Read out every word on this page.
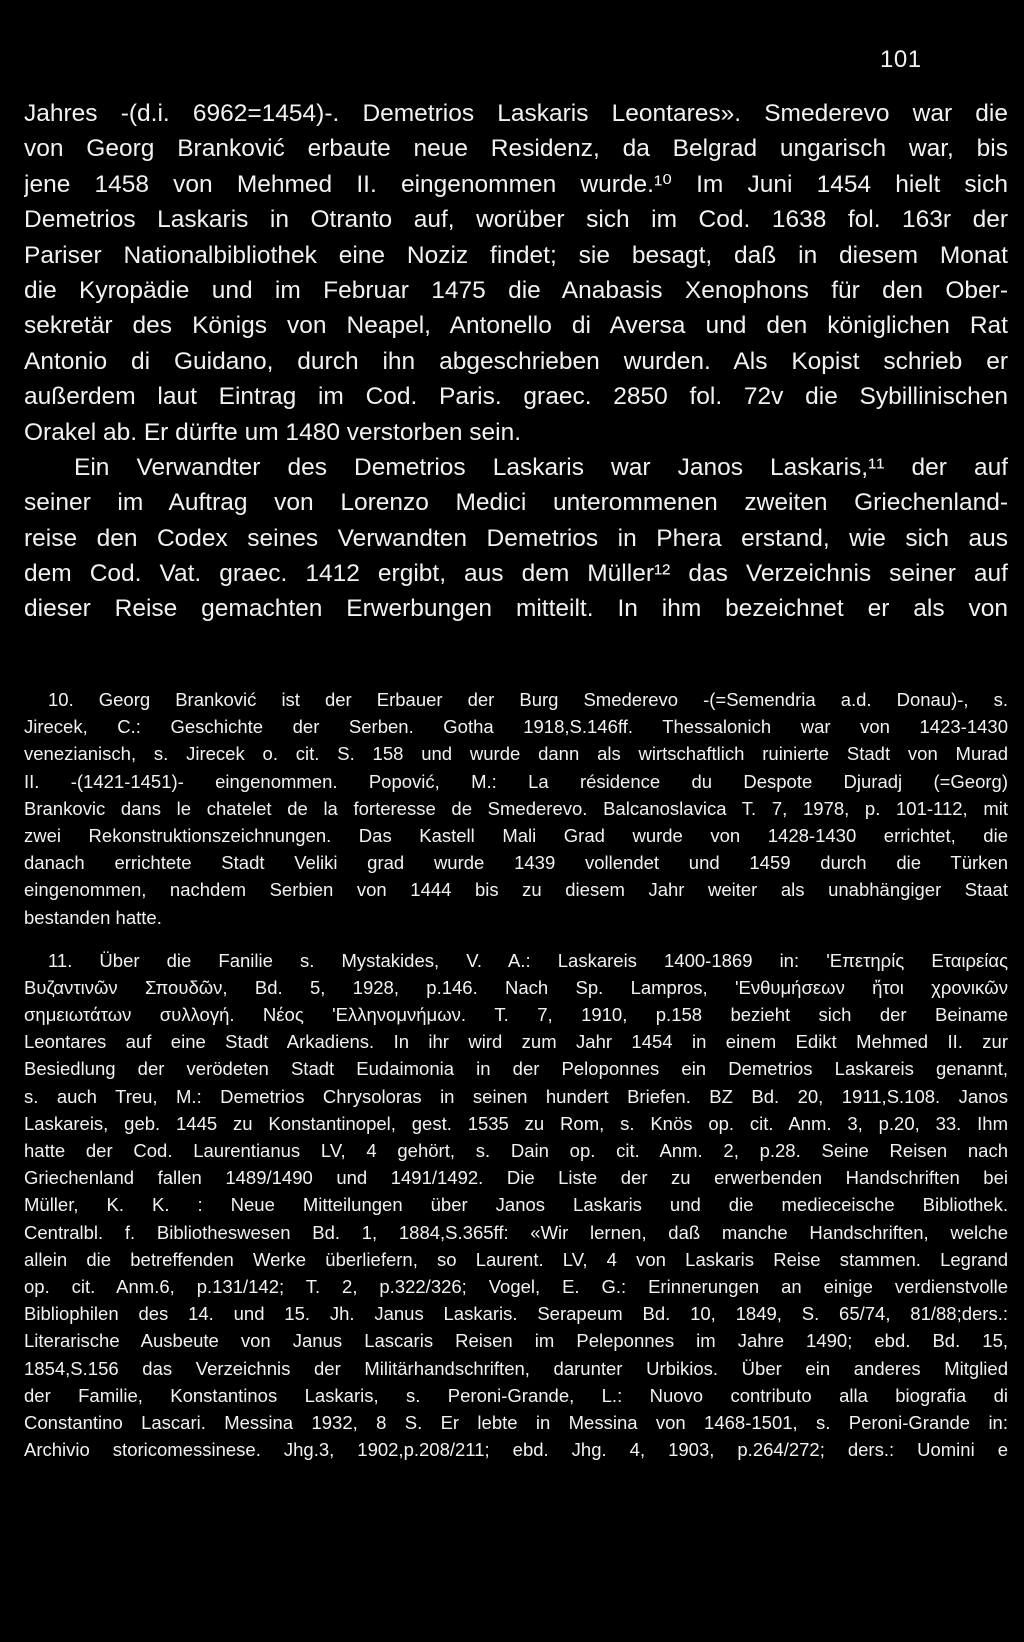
101
Jahres -(d.i. 6962=1454)-. Demetrios Laskaris Leontares». Smederevo war die
von Georg Branković erbaute neue Residenz, da Belgrad ungarisch war, bis
jene 1458 von Mehmed II. eingenommen wurde.¹⁰ Im Juni 1454 hielt sich
Demetrios Laskaris in Otranto auf, worüber sich im Cod. 1638 fol. 163r der
Pariser Nationalbibliothek eine Noziz findet; sie besagt, daß in diesem Monat
die Kyropädie und im Februar 1475 die Anabasis Xenophons für den Ober-
sekretär des Königs von Neapel, Antonello di Aversa und den königlichen Rat
Antonio di Guidano, durch ihn abgeschrieben wurden. Als Kopist schrieb er
außerdem laut Eintrag im Cod. Paris. graec. 2850 fol. 72v die Sybillinischen
Orakel ab. Er dürfte um 1480 verstorben sein.
Ein Verwandter des Demetrios Laskaris war Janos Laskaris,¹¹ der auf
seiner im Auftrag von Lorenzo Medici unterommenen zweiten Griechenland-
reise den Codex seines Verwandten Demetrios in Phera erstand, wie sich aus
dem Cod. Vat. graec. 1412 ergibt, aus dem Müller¹² das Verzeichnis seiner auf
dieser Reise gemachten Erwerbungen mitteilt. In ihm bezeichnet er als von
10. Georg Branković ist der Erbauer der Burg Smederevo -(=Semendria a.d. Donau)-, s.
Jirecek, C.: Geschichte der Serben. Gotha 1918,S.146ff. Thessalonich war von 1423-1430
venezianisch, s. Jirecek o. cit. S. 158 und wurde dann als wirtschaftlich ruinierte Stadt von Murad
II. -(1421-1451)- eingenommen. Popović, M.: La résidence du Despote Djuradj (=Georg)
Brankovic dans le chatelet de la forteresse de Smederevo. Balcanoslavica T. 7, 1978, p. 101-112, mit
zwei Rekonstruktionszeichnungen. Das Kastell Mali Grad wurde von 1428-1430 errichtet, die
danach errichtete Stadt Veliki grad wurde 1439 vollendet und 1459 durch die Türken
eingenommen, nachdem Serbien von 1444 bis zu diesem Jahr weiter als unabhängiger Staat
bestanden hatte.
11. Über die Fanilie s. Mystakides, V. A.: Laskareis 1400-1869 in: 'Επετηρίς Εταιρείας
Βυζαντινῶν Σπουδῶν, Bd. 5, 1928, p.146. Nach Sp. Lampros, 'Ενθυμήσεων ἤτοι χρονικῶν
σημειωτάτων συλλογή. Νέος 'Ελληνομνήμων. T. 7, 1910, p.158 bezieht sich der Beiname
Leontares auf eine Stadt Arkadiens. In ihr wird zum Jahr 1454 in einem Edikt Mehmed II. zur
Besiedlung der verödeten Stadt Eudaimonia in der Peloponnes ein Demetrios Laskareis genannt,
s. auch Treu, M.: Demetrios Chrysoloras in seinen hundert Briefen. BZ Bd. 20, 1911,S.108. Janos
Laskareis, geb. 1445 zu Konstantinopel, gest. 1535 zu Rom, s. Knös op. cit. Anm. 3, p.20, 33. Ihm
hatte der Cod. Laurentianus LV, 4 gehört, s. Dain op. cit. Anm. 2, p.28. Seine Reisen nach
Griechenland fallen 1489/1490 und 1491/1492. Die Liste der zu erwerbenden Handschriften bei
Müller, K. K. : Neue Mitteilungen über Janos Laskaris und die medieceische Bibliothek.
Centralbl. f. Bibliotheswesen Bd. 1, 1884,S.365ff: «Wir lernen, daß manche Handschriften, welche
allein die betreffenden Werke überliefern, so Laurent. LV, 4 von Laskaris Reise stammen. Legrand
op. cit. Anm.6, p.131/142; T. 2, p.322/326; Vogel, E. G.: Erinnerungen an einige verdienstvolle
Bibliophilen des 14. und 15. Jh. Janus Laskaris. Serapeum Bd. 10, 1849, S. 65/74, 81/88;ders.:
Literarische Ausbeute von Janus Lascaris Reisen im Peleponnes im Jahre 1490; ebd. Bd. 15,
1854,S.156 das Verzeichnis der Militärhandschriften, darunter Urbikios. Über ein anderes Mitglied
der Familie, Konstantinos Laskaris, s. Peroni-Grande, L.: Nuovo contributo alla biografia di
Constantino Lascari. Messina 1932, 8 S. Er lebte in Messina von 1468-1501, s. Peroni-Grande in:
Archivio storicomessinese. Jhg.3, 1902,p.208/211; ebd. Jhg. 4, 1903, p.264/272; ders.: Uomini e
